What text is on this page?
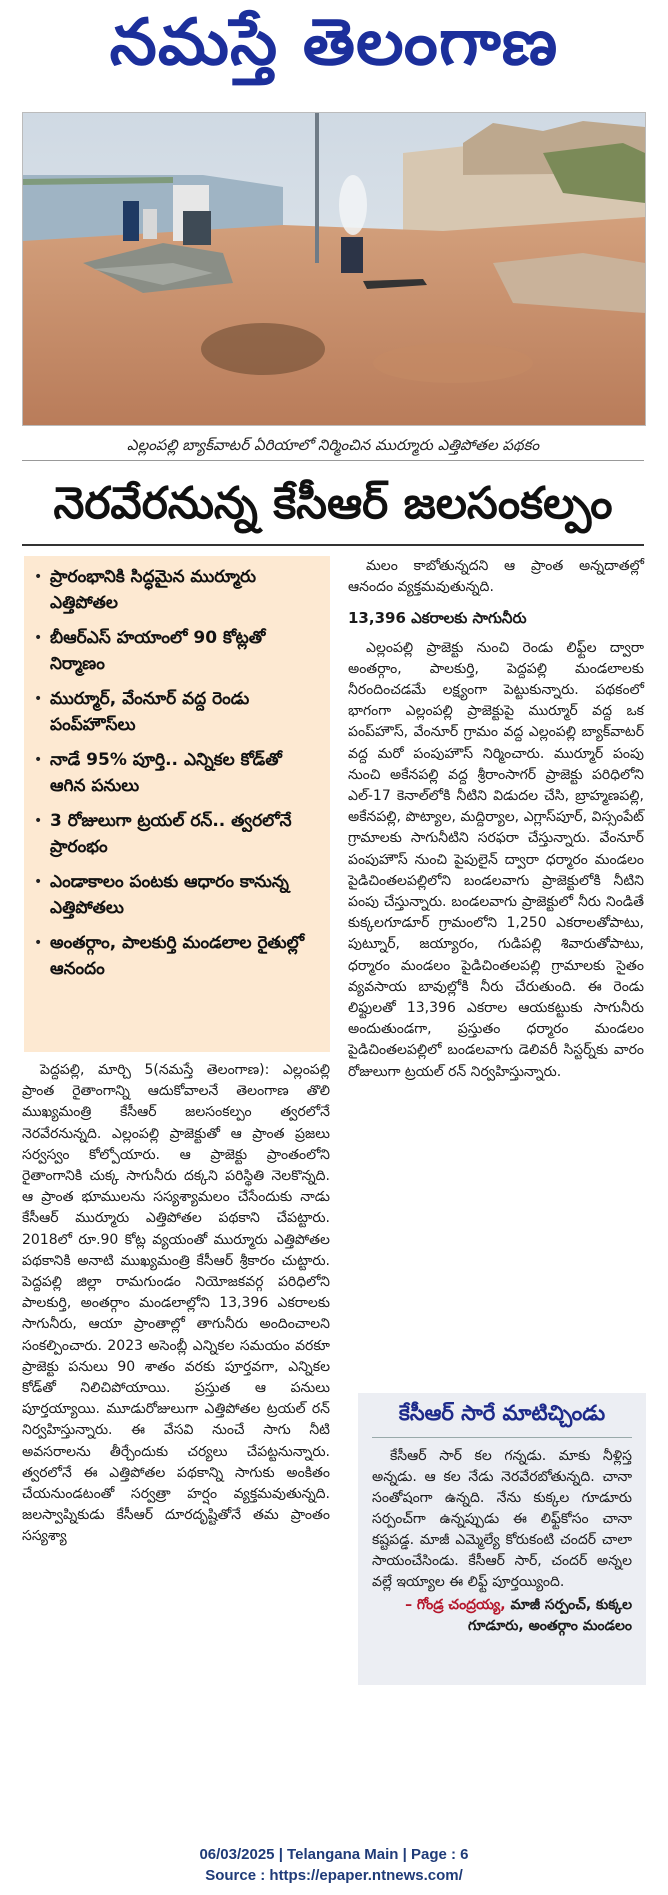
నమస్తే తెలంగాణ
ఎల్లంపల్లి బ్యాక్‌వాటర్ ఏరియాలో నిర్మించిన ముర్మూరు ఎత్తిపోతల పథకం
నెరవేరనున్న కేసీఆర్ జలసంకల్పం
• ప్రారంభానికి సిద్ధమైన ముర్మూరు ఎత్తిపోతల
• బీఆర్ఎస్ హయాంలో 90 కోట్లతో నిర్మాణం
• ముర్మూర్, వేంనూర్ వద్ద రెండు పంప్‌హౌస్‌లు
• నాడే 95% పూర్తి.. ఎన్నికల కోడ్‌తో ఆగిన పనులు
• 3 రోజులుగా ట్రయల్ రన్.. త్వరలోనే ప్రారంభం
• ఎండాకాలం పంటకు ఆధారం కానున్న ఎత్తిపోతలు
• అంతర్గాం, పాలకుర్తి మండలాల రైతుల్లో ఆనందం

పెద్దపల్లి, మార్చి 5(నమస్తే తెలంగాణ): ఎల్లంపల్లి ప్రాంత రైతాంగాన్ని ఆదుకోవాలనే తెలంగాణ తొలి ముఖ్యమంత్రి కేసీఆర్ జలసంకల్పం త్వరలోనే నెరవేరనున్నది. ఎల్లంపల్లి ప్రాజెక్టుతో ఆ ప్రాంత ప్రజలు సర్వస్వం కోల్పోయారు. ఆ ప్రాజెక్టు ప్రాంతంలోని రైతాంగానికి చుక్క సాగునీరు దక్కని పరిస్థితి నెలకొన్నది. ఆ ప్రాంత భూములను సస్యశ్యామలం చేసేందుకు నాడు కేసీఆర్ ముర్మూరు ఎత్తిపోతల పథకాని చేపట్టారు. 2018లో రూ.90 కోట్ల వ్యయంతో ముర్మూరు ఎత్తిపోతల పథకానికి అనాటి ముఖ్యమంత్రి కేసీఆర్ శ్రీకారం చుట్టారు. పెద్దపల్లి జిల్లా రామగుండం నియోజకవర్గ పరిధిలోని పాలకుర్తి, అంతర్గాం మండలాల్లోని 13,396 ఎకరాలకు సాగునీరు, ఆయా ప్రాంతాల్లో తాగునీరు అందించాలని సంకల్పించారు. 2023 అసెంబ్లీ ఎన్నికల సమయం వరకూ ప్రాజెక్టు పనులు 90 శాతం వరకు పూర్తవగా, ఎన్నికల కోడ్‌తో నిలిచిపోయాయి. ప్రస్తుత ఆ పనులు పూర్తయ్యాయి. మూడురోజులుగా ఎత్తిపోతల ట్రయల్ రన్ నిర్వహిస్తున్నారు. ఈ వేసవి నుంచే సాగు నీటి అవసరాలను తీర్చేందుకు చర్యలు చేపట్టనున్నారు. త్వరలోనే ఈ ఎత్తిపోతల పథకాన్ని సాగుకు అంకితం చేయనుండటంతో సర్వత్రా హర్షం వ్యక్తమవుతున్నది. జలస్వాప్నికుడు కేసీఆర్ దూరదృష్టితోనే తమ ప్రాంతం సస్యశ్యా

మలం కాబోతున్నదని ఆ ప్రాంత అన్నదాతల్లో ఆనందం వ్యక్తమవుతున్నది.

13,396 ఎకరాలకు సాగునీరు

ఎల్లంపల్లి ప్రాజెక్టు నుంచి రెండు లిఫ్ట్‌ల ద్వారా అంతర్గాం, పాలకుర్తి, పెద్దపల్లి మండలాలకు నీరందించడమే లక్ష్యంగా పెట్టుకున్నారు. పథకంలో భాగంగా ఎల్లంపల్లి ప్రాజెక్టుపై ముర్మూర్ వద్ద ఒక పంప్‌హౌస్, వేంనూర్ గ్రామం వద్ద ఎల్లంపల్లి బ్యాక్‌వాటర్ వద్ద మరో పంపుహౌస్ నిర్మించారు. ముర్మూర్ పంపు నుంచి అకేనపల్లి వద్ద శ్రీరాంసాగర్ ప్రాజెక్టు పరిధిలోని ఎల్-17 కెనాల్‌లోకి నీటిని విడుదల చేసి, బ్రాహ్మణపల్లి, అకేనపల్లి, పొట్యాల, మద్దిర్యాల, ఎగ్లాస్‌పూర్, విస్సంపేట్ గ్రామాలకు సాగునీటిని సరఫరా చేస్తున్నారు. వేంనూర్ పంపుహౌస్ నుంచి పైపులైన్ ద్వారా ధర్మారం మండలం పైడిచింతలపల్లిలోని బండలవాగు ప్రాజెక్టులోకి నీటిని పంపు చేస్తున్నారు. బండలవాగు ప్రాజెక్టులో నీరు నిండితే కుక్కలగూడూర్ గ్రామంలోని 1,250 ఎకరాలతోపాటు, పుట్నూర్, జయ్యారం, గుడిపల్లి శివారుతోపాటు, ధర్మారం మండలం పైడిచింతలపల్లి గ్రామాలకు సైతం వ్యవసాయ బావుల్లోకి నీరు చేరుతుంది. ఈ రెండు లిఫ్టులతో 13,396 ఎకరాల ఆయకట్టుకు సాగునీరు అందుతుండగా, ప్రస్తుతం ధర్మారం మండలం పైడిచింతలపల్లిలో బండలవాగు డెలివరీ సిస్టర్న్‌కు వారం రోజులుగా ట్రయల్ రన్ నిర్వహిస్తున్నారు.

కేసీఆర్ సారే మాటిచ్చిండు
కేసీఆర్ సార్ కల గన్నడు. మాకు నీళ్లిస్త అన్నడు. ఆ కల నేడు నెరవేరబోతున్నది. చానా సంతోషంగా ఉన్నది. నేను కుక్కల గూడూరు సర్పంచ్‌గా ఉన్నప్పుడు ఈ లిఫ్ట్‌కోసం చానా కష్టపడ్డ. మాజీ ఎమ్మెల్యే కోరుకంటి చందర్ చాలా సాయంచేసిండు. కేసీఆర్ సార్, చందర్ అన్నల వల్లే ఇయ్యాల ఈ లిఫ్ట్ పూర్తయ్యింది.
– గోండ్ర చంద్రయ్య, మాజీ సర్పంచ్, కుక్కల గూడూరు, అంతర్గాం మండలం
06/03/2025 | Telangana Main | Page : 6
Source : https://epaper.ntnews.com/
